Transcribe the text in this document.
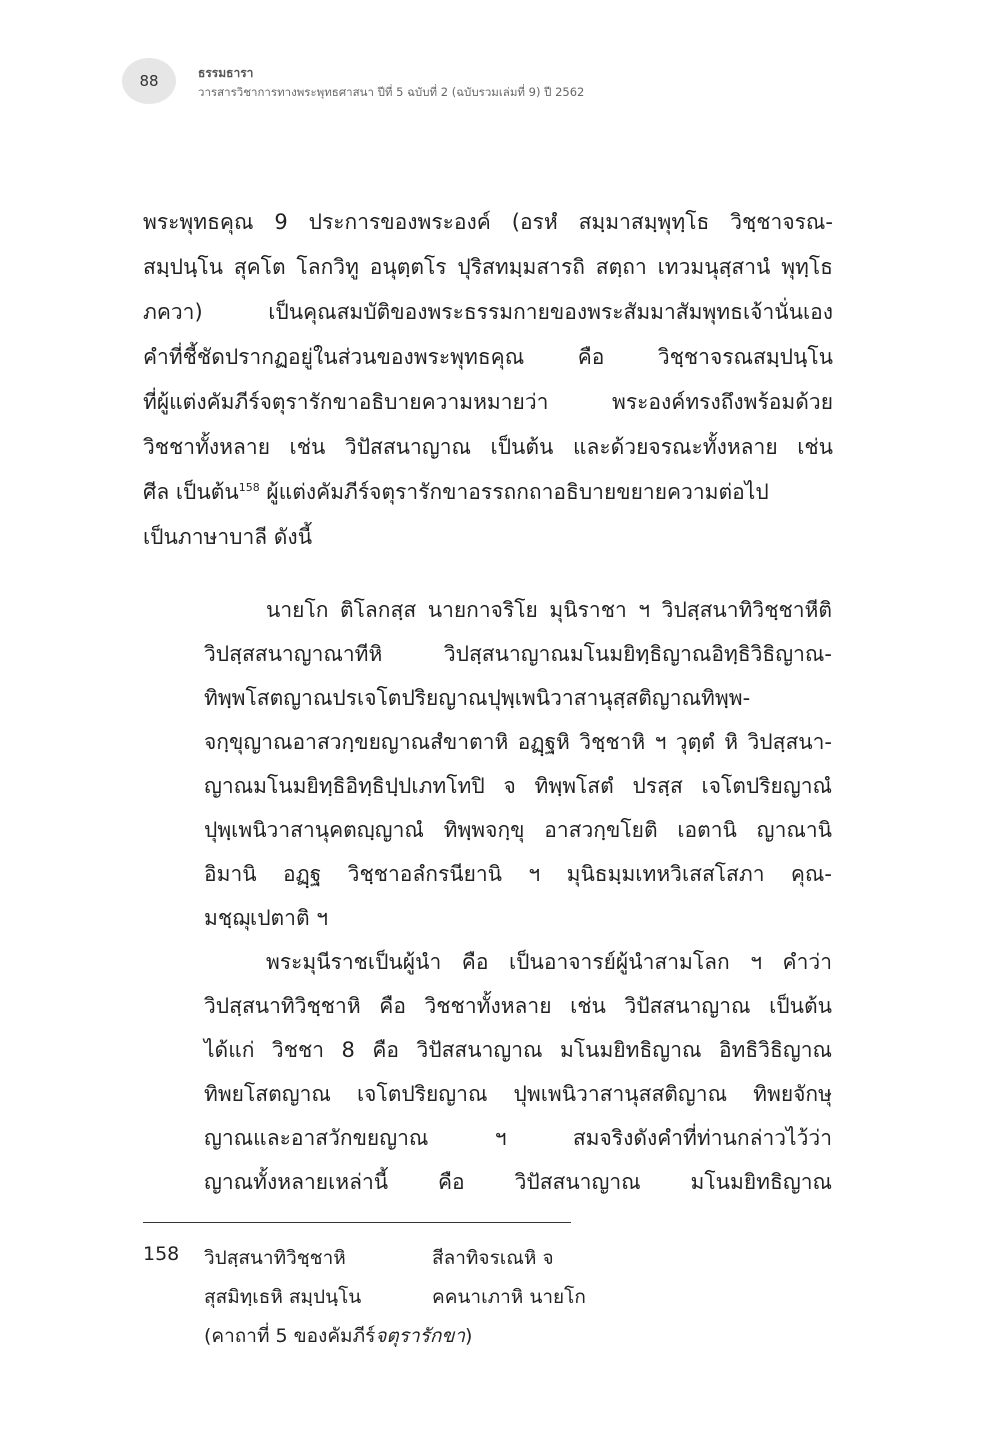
88	ธรรมธารา
วารสารวิชาการทางพระพุทธศาสนา ปีที่ 5 ฉบับที่ 2 (ฉบับรวมเล่มที่ 9) ปี 2562
พระพุทธคุณ 9 ประการของพระองค์ (อรหํ สมฺมาสมฺพุทฺโธ วิชฺชาจรณ-
สมฺปนฺโน สุคโต โลกวิทู อนุตฺตโร ปุริสทมฺมสารถิ สตฺถา เทวมนุสฺสานํ พุทฺโธ
ภควา) เป็นคุณสมบัติของพระธรรมกายของพระสัมมาสัมพุทธเจ้านั่นเอง
คำที่ชี้ชัดปรากฏอยู่ในส่วนของพระพุทธคุณ คือ วิชฺชาจรณสมฺปนฺโน
ที่ผู้แต่งคัมภีร์จตุรารักขาอธิบายความหมายว่า พระองค์ทรงถึงพร้อมด้วย
วิชชาทั้งหลาย เช่น วิปัสสนาญาณ เป็นต้น และด้วยจรณะทั้งหลาย เช่น
ศีล เป็นต้น$^{158}$ ผู้แต่งคัมภีร์จตุรารักขาอรรถกถาอธิบายขยายความต่อไป
เป็นภาษาบาลี ดังนี้
นายโก ติโลกสฺส นายกาจริโย มุนิราชา ฯ วิปสฺสนาทิวิชฺชาหีติ
วิปสฺสสนาญาณาทีหิ วิปสฺสนาญาณมโนมยิทฺธิญาณอิทฺธิวิธิญาณ-
ทิพฺพโสตญาณปรเจโตปริยญาณปุพฺเพนิวาสานุสฺสติญาณทิพฺพ-
จกฺขุญาณอาสวกฺขยญาณสํขาตาหิ อฏฺฐหิ วิชฺชาหิ ฯ วุตฺตํ หิ วิปสฺสนา-
ญาณมโนมยิทฺธิอิทฺธิปฺปเภทโทปิ จ ทิพฺพโสตํ ปรสฺส เจโตปริยญาณํ
ปุพฺเพนิวาสานุคตญฺญาณํ ทิพฺพจกฺขุ อาสวกฺขโยติ เอตานิ ญาณานิ
อิมานิ อฏฺฐ วิชฺชาอลํกรนียานิ ฯ มุนิธมฺมเทหวิเสสโสภา คุณ-
มชฺฌุเปตาติ ฯ
พระมุนีราชเป็นผู้นำ คือ เป็นอาจารย์ผู้นำสามโลก ฯ คำว่า
วิปสฺสนาทิวิชฺชาหิ คือ วิชชาทั้งหลาย เช่น วิปัสสนาญาณ เป็นต้น
ได้แก่ วิชชา 8 คือ วิปัสสนาญาณ มโนมยิทธิญาณ อิทธิวิธิญาณ
ทิพยโสตญาณ เจโตปริยญาณ ปุพเพนิวาสานุสสติญาณ ทิพยจักษุ
ญาณและอาสวักขยญาณ ฯ สมจริงดังคำที่ท่านกล่าวไว้ว่า
ญาณทั้งหลายเหล่านี้ คือ วิปัสสนาญาณ มโนมยิทธิญาณ
158 วิปสฺสนาทิวิชฺชาหิ	สีลาทิจรเณหิ จ
สุสมิทฺเธหิ สมฺปนฺโน	คคนาเภาหิ นายโก
(คาถาที่ 5 ของคัมภีร์จตุรารักขา)
